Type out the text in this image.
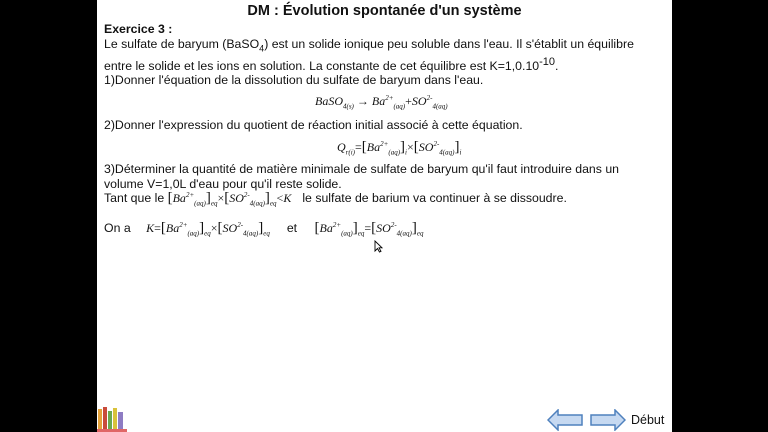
DM : Évolution spontanée d'un système
Exercice 3 :
Le sulfate de baryum (BaSO$_4$) est un solide ionique peu soluble dans l'eau. Il s'établit un équilibre
entre le solide et les ions en solution. La constante de cet équilibre est K=1,0.10-10.
1)Donner l'équation de la dissolution du sulfate de baryum dans l'eau.
BaSO$_{4(s)}$ → $Ba^{2+}_{(aq)}+SO^{2-}_{4(aq)}$
2)Donner l'expression du quotient de réaction initial associé à cette équation.
$Q_{r(i)}=[Ba^{2+}_{(aq)}]_i\times[SO^{2-}_{4(aq)}]_i$
3)Déterminer la quantité de matière minimale de sulfate de baryum qu'il faut introduire dans un
volume V=1,0L d'eau pour qu'il reste solide.
Tant que le $[Ba^{2+}_{(aq)}]_{eq}\times[SO^{2-}_{4(aq)}]_{eq}<K$ le sulfate de barium va continuer à se dissoudre.
On a $K=[Ba^{2+}_{(aq)}]_{eq}\times[SO^{2-}_{4(aq)}]_{eq}$ et $[Ba^{2+}_{(aq)}]_{eq}=[SO^{2-}_{4(aq)}]_{eq}$
Début
